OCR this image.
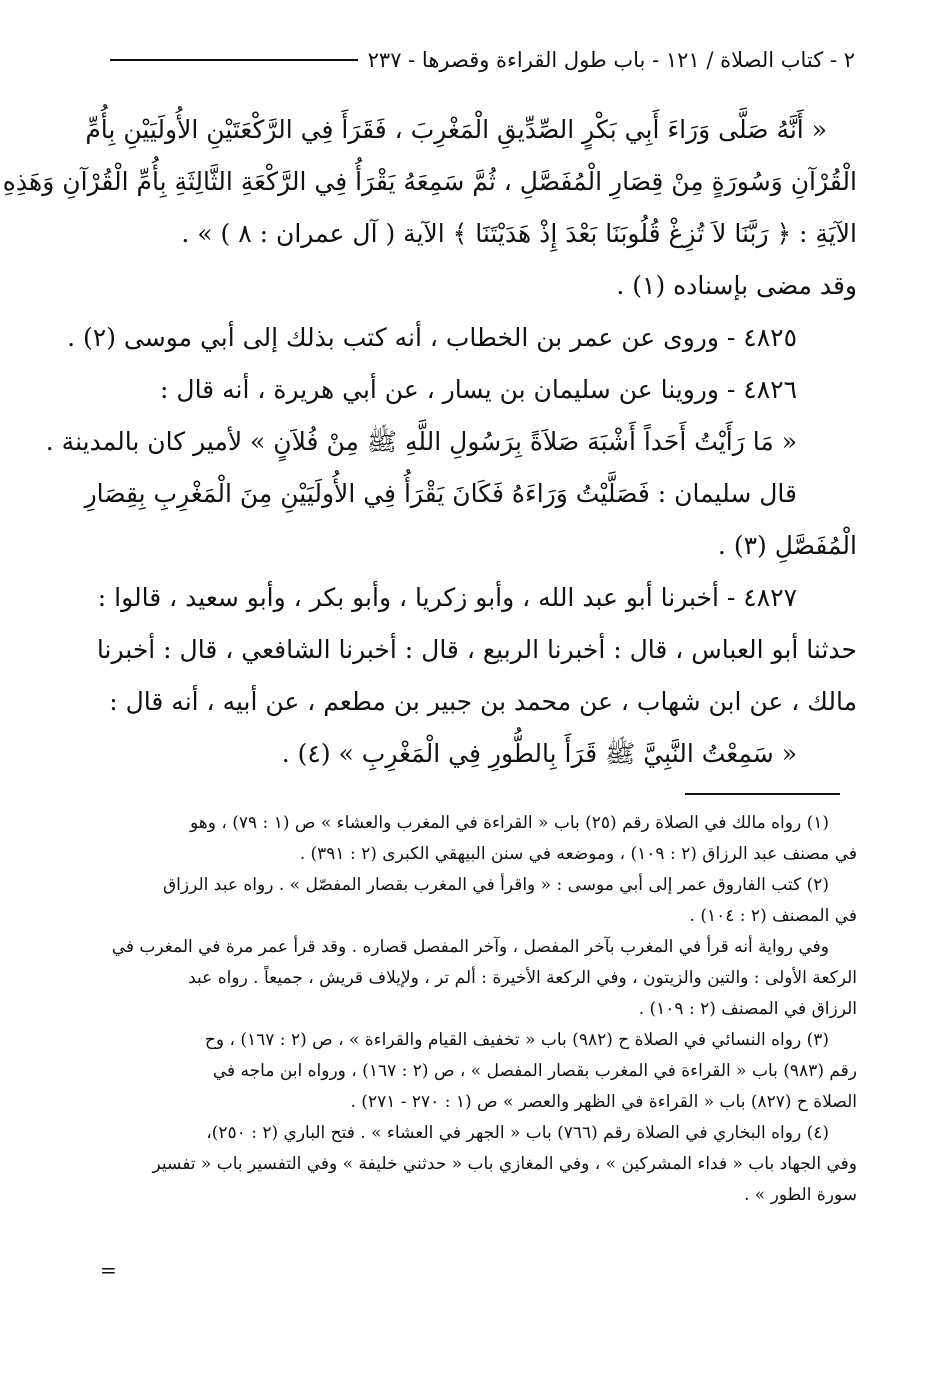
٢ - كتاب الصلاة / ١٢١ - باب طول القراءة وقصرها - ٢٣٧
« أَنَّهُ صَلَّى وَرَاءَ أَبِي بَكْرٍ الصِّدِّيقِ الْمَغْرِبَ ، فَقَرَأَ فِي الرَّكْعَتَيْنِ الأُولَيَيْنِ بِأُمِّ
الْقُرْآنِ وَسُورَةٍ مِنْ قِصَارِ الْمُفَصَّلِ ، ثُمَّ سَمِعَهُ يَقْرَأُ فِي الرَّكْعَةِ الثَّالِثَةِ بِأُمِّ الْقُرْآنِ وَهَذِهِ
الآيَةِ : ﴿ رَبَّنَا لاَ تُزِغْ قُلُوبَنَا بَعْدَ إِذْ هَدَيْتَنَا ﴾ الآية ( آل عمران : ٨ ) » .
وقد مضى بإسناده (١) .
٤٨٢٥ - وروى عن عمر بن الخطاب ، أنه كتب بذلك إلى أبي موسى (٢) .
٤٨٢٦ - وروينا عن سليمان بن يسار ، عن أبي هريرة ، أنه قال :
« مَا رَأَيْتُ أَحَداً أَشْبَهَ صَلاَةً بِرَسُولِ اللَّهِ ﷺ مِنْ فُلاَنٍ » لأمير كان بالمدينة .
قال سليمان : فَصَلَّيْتُ وَرَاءَهُ فَكَانَ يَقْرَأُ فِي الأُولَيَيْنِ مِنَ الْمَغْرِبِ بِقِصَارِ
الْمُفَصَّلِ (٣) .
٤٨٢٧ - أخبرنا أبو عبد الله ، وأبو زكريا ، وأبو بكر ، وأبو سعيد ، قالوا :
حدثنا أبو العباس ، قال : أخبرنا الربيع ، قال : أخبرنا الشافعي ، قال : أخبرنا
مالك ، عن ابن شهاب ، عن محمد بن جبير بن مطعم ، عن أبيه ، أنه قال :
« سَمِعْتُ النَّبِيَّ ﷺ قَرَأَ بِالطُّورِ فِي الْمَغْرِبِ » (٤) .
(١) رواه مالك في الصلاة رقم (٢٥) باب « القراءة في المغرب والعشاء » ص (١ : ٧٩) ، وهو
في مصنف عبد الرزاق (٢ : ١٠٩) ، وموضعه في سنن البيهقي الكبرى (٢ : ٣٩١) .
(٢) كتب الفاروق عمر إلى أبي موسى : « واقرأ في المغرب بقصار المفصّل » . رواه عبد الرزاق
في المصنف (٢ : ١٠٤) .
وفي رواية أنه قرأ في المغرب بآخر المفصل ، وآخر المفصل قصاره . وقد قرأ عمر مرة في المغرب في
الركعة الأولى : والتين والزيتون ، وفي الركعة الأخيرة : ألم تر ، ولإيلاف قريش ، جميعاً . رواه عبد
الرزاق في المصنف (٢ : ١٠٩) .
(٣) رواه النسائي في الصلاة ح (٩٨٢) باب « تخفيف القيام والقراءة » ، ص (٢ : ١٦٧) ، وح
رقم (٩٨٣) باب « القراءة في المغرب بقصار المفصل » ، ص (٢ : ١٦٧) ، ورواه ابن ماجه في
الصلاة ح (٨٢٧) باب « القراءة في الظهر والعصر » ص (١ : ٢٧٠ - ٢٧١) .
(٤) رواه البخاري في الصلاة رقم (٧٦٦) باب « الجهر في العشاء » . فتح الباري (٢ : ٢٥٠)،
وفي الجهاد باب « فداء المشركين » ، وفي المغازي باب « حدثني خليفة » وفي التفسير باب « تفسير
سورة الطور » .
=
